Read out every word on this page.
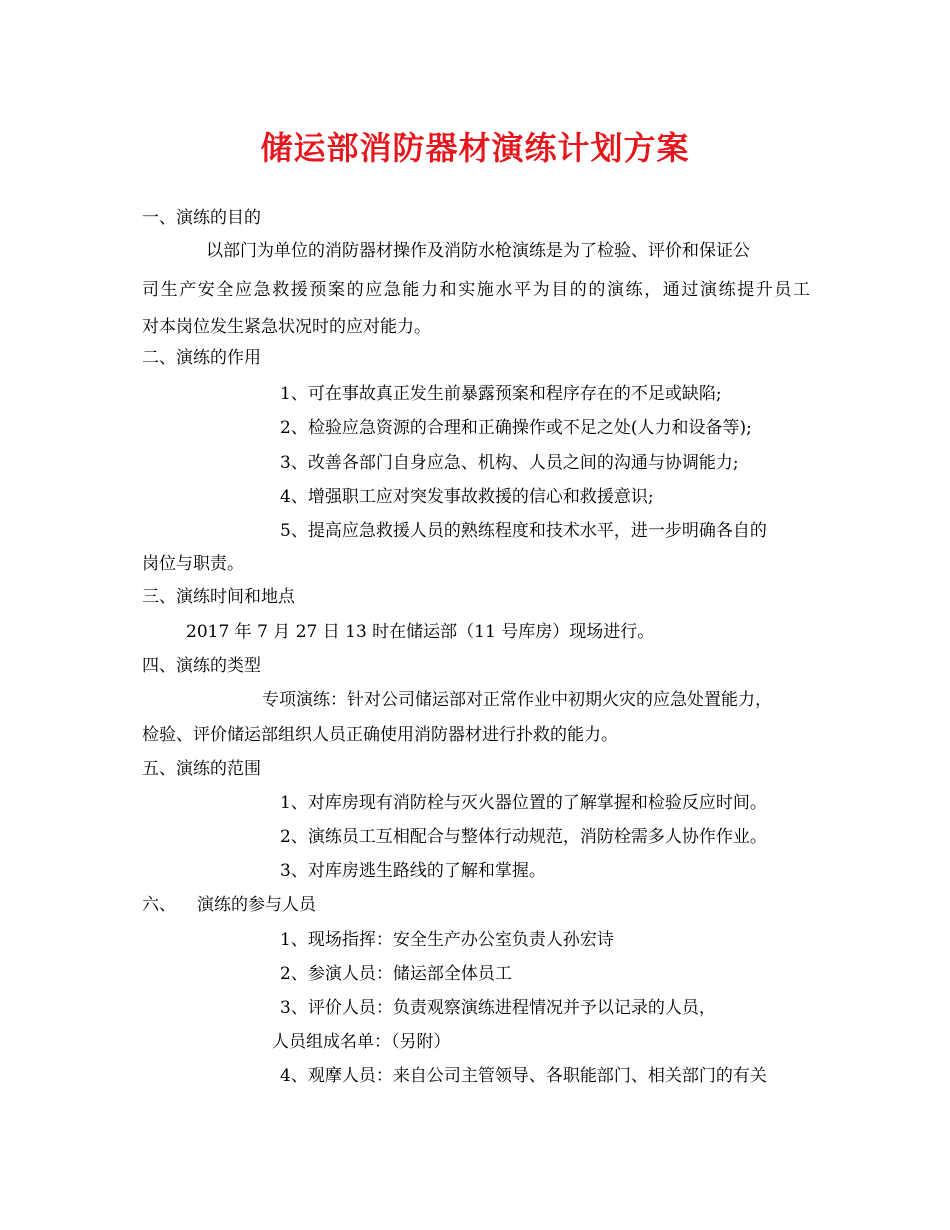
储运部消防器材演练计划方案
一、演练的目的
以部门为单位的消防器材操作及消防水枪演练是为了检验、评价和保证公
司生产安全应急救援预案的应急能力和实施水平为目的的演练，通过演练提升员工
对本岗位发生紧急状况时的应对能力。
二、演练的作用
1、可在事故真正发生前暴露预案和程序存在的不足或缺陷;
2、检验应急资源的合理和正确操作或不足之处(人力和设备等);
3、改善各部门自身应急、机构、人员之间的沟通与协调能力;
4、增强职工应对突发事故救援的信心和救援意识;
5、提高应急救援人员的熟练程度和技术水平，进一步明确各自的
岗位与职责。
三、演练时间和地点
2017 年 7 月 27 日 13 时在储运部（11 号库房）现场进行。
四、演练的类型
专项演练：针对公司储运部对正常作业中初期火灾的应急处置能力，
检验、评价储运部组织人员正确使用消防器材进行扑救的能力。
五、演练的范围
1、对库房现有消防栓与灭火器位置的了解掌握和检验反应时间。
2、演练员工互相配合与整体行动规范，消防栓需多人协作作业。
3、对库房逃生路线的了解和掌握。
六、 演练的参与人员
1、现场指挥：安全生产办公室负责人孙宏诗
2、参演人员：储运部全体员工
3、评价人员：负责观察演练进程情况并予以记录的人员，
人员组成名单：（另附）
4、观摩人员：来自公司主管领导、各职能部门、相关部门的有关
